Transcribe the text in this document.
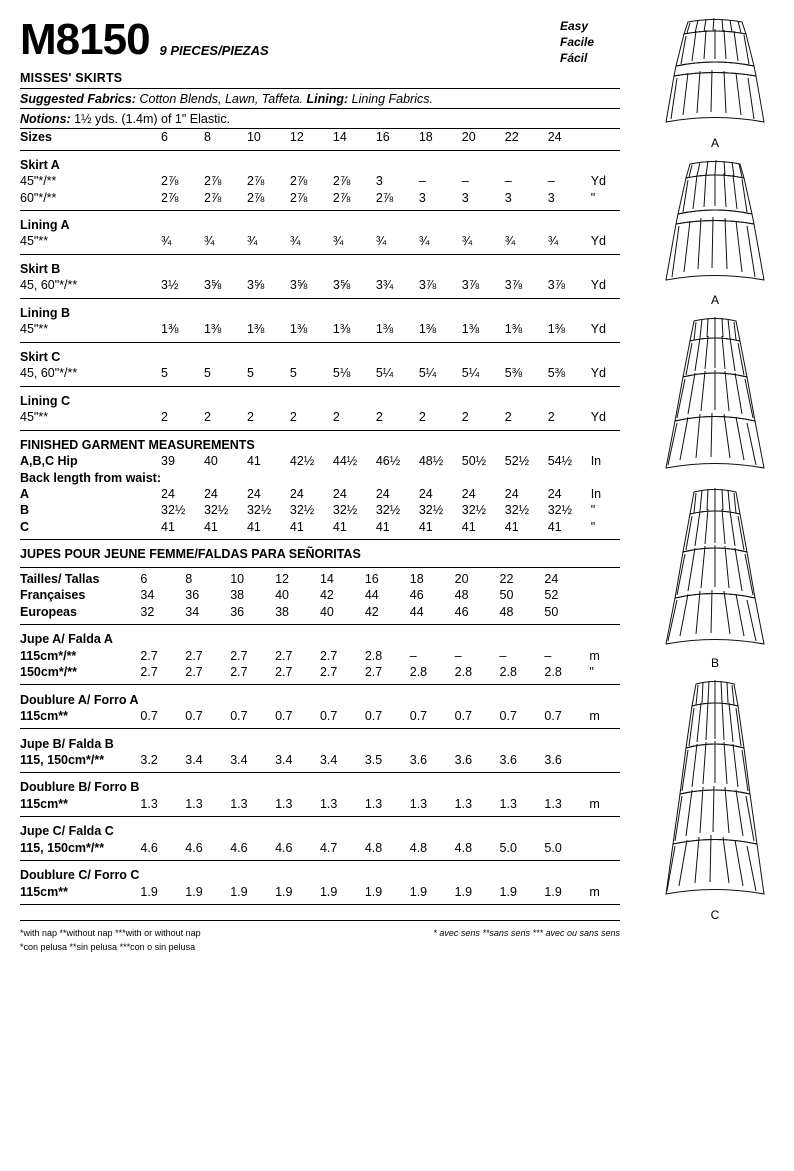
M8150 9 PIECES/PIEZAS
Easy
Facile
Fácil
MISSES' SKIRTS
Suggested Fabrics: Cotton Blends, Lawn, Taffeta. Lining: Lining Fabrics.
Notions: 1½ yds. (1.4m) of 1" Elastic.
Sizes	6	8	10	12	14	16	18	20	22	24	

Skirt A											
45"*/**	2⅞	2⅞	2⅞	2⅞	2⅞	3	–	–	–	–	Yd
60"*/**	2⅞	2⅞	2⅞	2⅞	2⅞	2⅞	3	3	3	3	"

Lining A											
45"**	¾	¾	¾	¾	¾	¾	¾	¾	¾	¾	Yd

Skirt B											
45, 60"*/**	3½	3⅝	3⅝	3⅝	3⅝	3¾	3⅞	3⅞	3⅞	3⅞	Yd

Lining B											
45"**	1⅜	1⅜	1⅜	1⅜	1⅜	1⅜	1⅜	1⅜	1⅜	1⅜	Yd

Skirt C											
45, 60"*/**	5	5	5	5	5⅛	5¼	5¼	5¼	5⅜	5⅜	Yd

Lining C											
45"**	2	2	2	2	2	2	2	2	2	2	Yd

FINISHED GARMENT MEASUREMENTS											
A,B,C Hip	39	40	41	42½	44½	46½	48½	50½	52½	54½	In
Back length from waist:											
A	24	24	24	24	24	24	24	24	24	24	In
B	32½	32½	32½	32½	32½	32½	32½	32½	32½	32½	"
C	41	41	41	41	41	41	41	41	41	41	"

JUPES POUR JEUNE FEMME/FALDAS PARA SEÑORITAS											

Tailles/ Tallas	6	8	10	12	14	16	18	20	22	24	
Françaises	34	36	38	40	42	44	46	48	50	52	
Europeas	32	34	36	38	40	42	44	46	48	50	

Jupe A/ Falda A											
115cm*/**	2.7	2.7	2.7	2.7	2.7	2.8	–	–	–	–	m
150cm*/**	2.7	2.7	2.7	2.7	2.7	2.7	2.8	2.8	2.8	2.8	"

Doublure A/ Forro A											
115cm**	0.7	0.7	0.7	0.7	0.7	0.7	0.7	0.7	0.7	0.7	m

Jupe B/ Falda B											
115, 150cm*/**	3.2	3.4	3.4	3.4	3.4	3.5	3.6	3.6	3.6	3.6	

Doublure B/ Forro B											
115cm**	1.3	1.3	1.3	1.3	1.3	1.3	1.3	1.3	1.3	1.3	m

Jupe C/ Falda C											
115, 150cm*/**	4.6	4.6	4.6	4.6	4.7	4.8	4.8	4.8	5.0	5.0	

Doublure C/ Forro C											
115cm**	1.9	1.9	1.9	1.9	1.9	1.9	1.9	1.9	1.9	1.9	m

*with nap **without nap ***with or without nap
*con pelusa **sin pelusa ***con o sin pelusa
* avec sens **sans sens *** avec ou sans sens
A
A
B
C
